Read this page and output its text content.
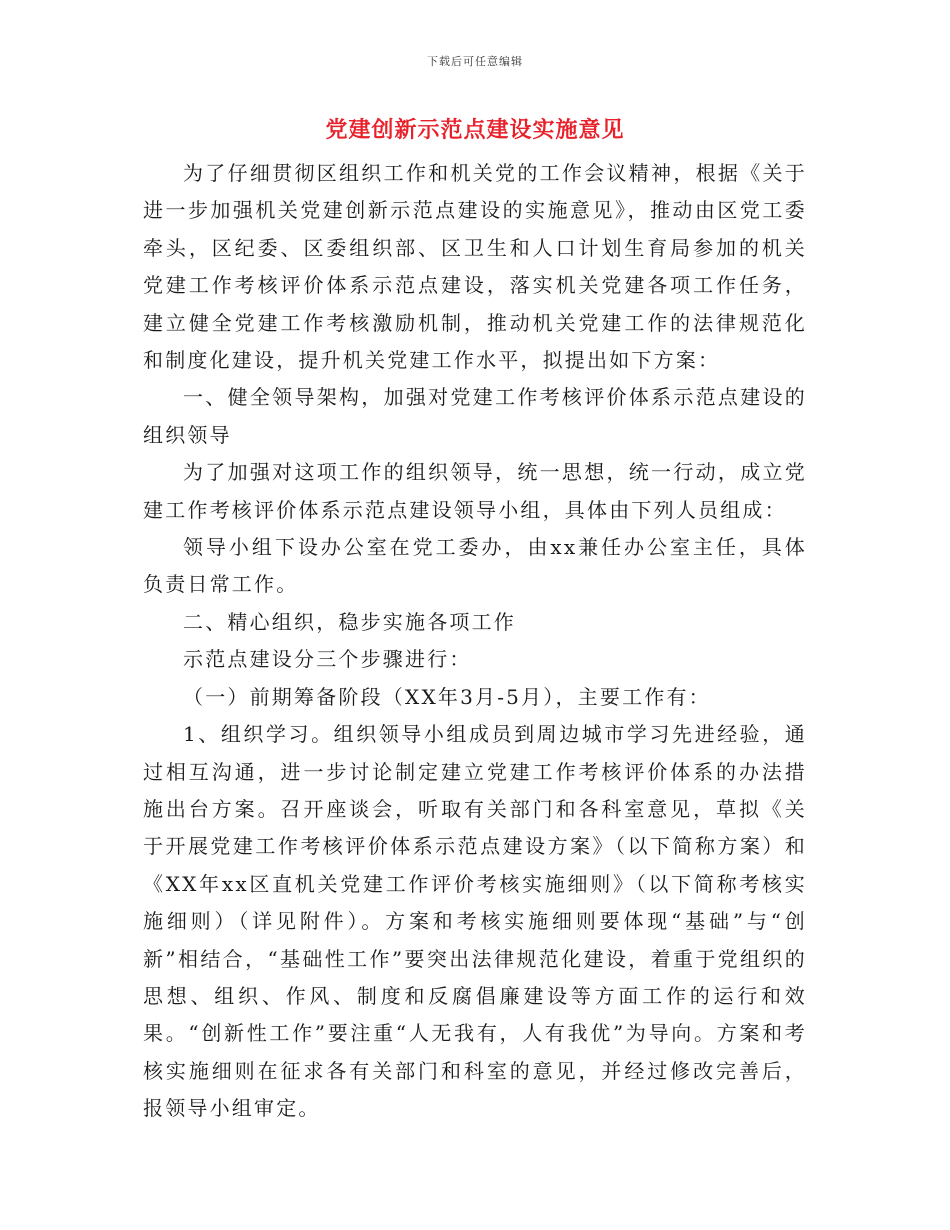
下载后可任意编辑
党建创新示范点建设实施意见

为了仔细贯彻区组织工作和机关党的工作会议精神，根据《关于进一步加强机关党建创新示范点建设的实施意见》，推动由区党工委牵头，区纪委、区委组织部、区卫生和人口计划生育局参加的机关党建工作考核评价体系示范点建设，落实机关党建各项工作任务，建立健全党建工作考核激励机制，推动机关党建工作的法律规范化和制度化建设，提升机关党建工作水平，拟提出如下方案：

一、健全领导架构，加强对党建工作考核评价体系示范点建设的组织领导

为了加强对这项工作的组织领导，统一思想，统一行动，成立党建工作考核评价体系示范点建设领导小组，具体由下列人员组成：

领导小组下设办公室在党工委办，由xx兼任办公室主任，具体负责日常工作。

二、精心组织，稳步实施各项工作

示范点建设分三个步骤进行：

（一）前期筹备阶段（XX年3月-5月），主要工作有：

1、组织学习。组织领导小组成员到周边城市学习先进经验，通过相互沟通，进一步讨论制定建立党建工作考核评价体系的办法措施出台方案。召开座谈会，听取有关部门和各科室意见，草拟《关于开展党建工作考核评价体系示范点建设方案》（以下简称方案）和《XX年xx区直机关党建工作评价考核实施细则》（以下简称考核实施细则）（详见附件）。方案和考核实施细则要体现“基础”与“创新”相结合，“基础性工作”要突出法律规范化建设，着重于党组织的思想、组织、作风、制度和反腐倡廉建设等方面工作的运行和效果。“创新性工作”要注重“人无我有，人有我优”为导向。方案和考核实施细则在征求各有关部门和科室的意见，并经过修改完善后，报领导小组审定。
